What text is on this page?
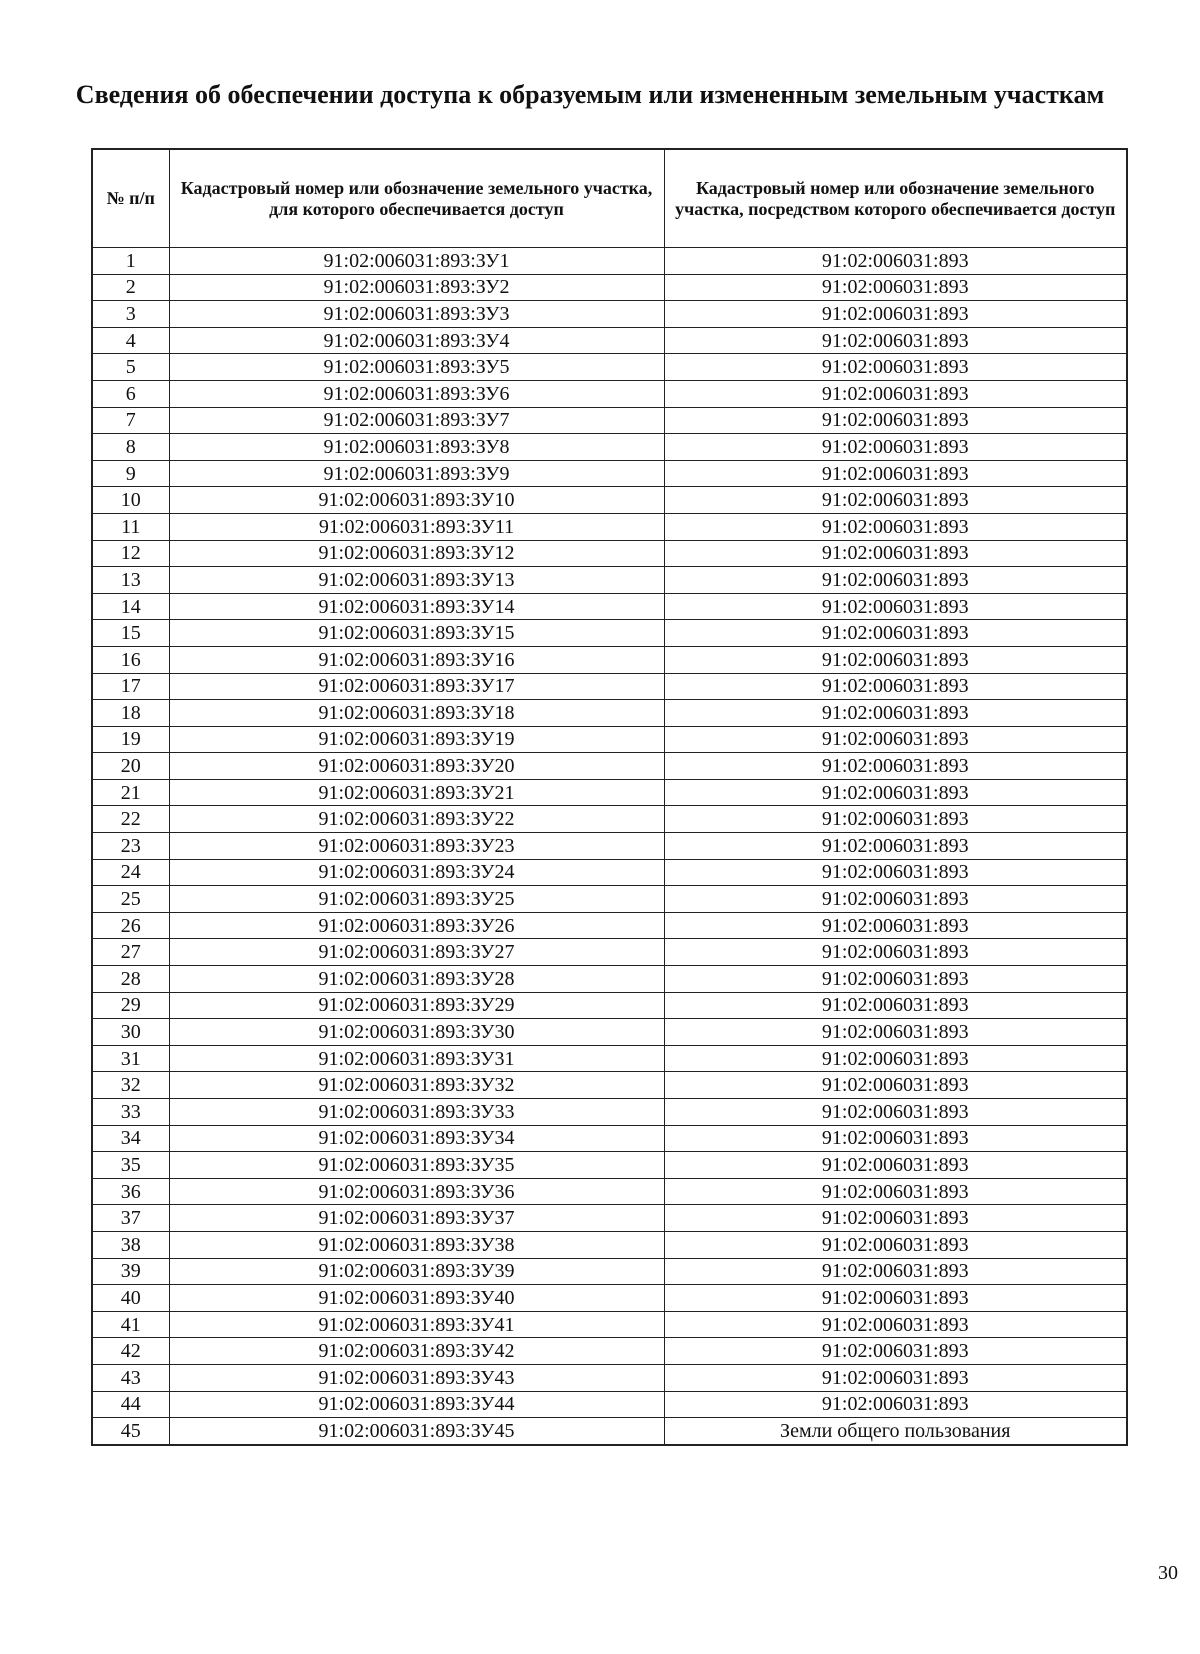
Сведения об обеспечении доступа к образуемым или измененным земельным участкам
№ п/п	Кадастровый номер или обозначение земельного участка, для которого обеспечивается доступ	Кадастровый номер или обозначение земельного участка, посредством которого обеспечивается доступ
1	91:02:006031:893:ЗУ1	91:02:006031:893
2	91:02:006031:893:ЗУ2	91:02:006031:893
3	91:02:006031:893:ЗУ3	91:02:006031:893
4	91:02:006031:893:ЗУ4	91:02:006031:893
5	91:02:006031:893:ЗУ5	91:02:006031:893
6	91:02:006031:893:ЗУ6	91:02:006031:893
7	91:02:006031:893:ЗУ7	91:02:006031:893
8	91:02:006031:893:ЗУ8	91:02:006031:893
9	91:02:006031:893:ЗУ9	91:02:006031:893
10	91:02:006031:893:ЗУ10	91:02:006031:893
11	91:02:006031:893:ЗУ11	91:02:006031:893
12	91:02:006031:893:ЗУ12	91:02:006031:893
13	91:02:006031:893:ЗУ13	91:02:006031:893
14	91:02:006031:893:ЗУ14	91:02:006031:893
15	91:02:006031:893:ЗУ15	91:02:006031:893
16	91:02:006031:893:ЗУ16	91:02:006031:893
17	91:02:006031:893:ЗУ17	91:02:006031:893
18	91:02:006031:893:ЗУ18	91:02:006031:893
19	91:02:006031:893:ЗУ19	91:02:006031:893
20	91:02:006031:893:ЗУ20	91:02:006031:893
21	91:02:006031:893:ЗУ21	91:02:006031:893
22	91:02:006031:893:ЗУ22	91:02:006031:893
23	91:02:006031:893:ЗУ23	91:02:006031:893
24	91:02:006031:893:ЗУ24	91:02:006031:893
25	91:02:006031:893:ЗУ25	91:02:006031:893
26	91:02:006031:893:ЗУ26	91:02:006031:893
27	91:02:006031:893:ЗУ27	91:02:006031:893
28	91:02:006031:893:ЗУ28	91:02:006031:893
29	91:02:006031:893:ЗУ29	91:02:006031:893
30	91:02:006031:893:ЗУ30	91:02:006031:893
31	91:02:006031:893:ЗУ31	91:02:006031:893
32	91:02:006031:893:ЗУ32	91:02:006031:893
33	91:02:006031:893:ЗУ33	91:02:006031:893
34	91:02:006031:893:ЗУ34	91:02:006031:893
35	91:02:006031:893:ЗУ35	91:02:006031:893
36	91:02:006031:893:ЗУ36	91:02:006031:893
37	91:02:006031:893:ЗУ37	91:02:006031:893
38	91:02:006031:893:ЗУ38	91:02:006031:893
39	91:02:006031:893:ЗУ39	91:02:006031:893
40	91:02:006031:893:ЗУ40	91:02:006031:893
41	91:02:006031:893:ЗУ41	91:02:006031:893
42	91:02:006031:893:ЗУ42	91:02:006031:893
43	91:02:006031:893:ЗУ43	91:02:006031:893
44	91:02:006031:893:ЗУ44	91:02:006031:893
45	91:02:006031:893:ЗУ45	Земли общего пользования
30
